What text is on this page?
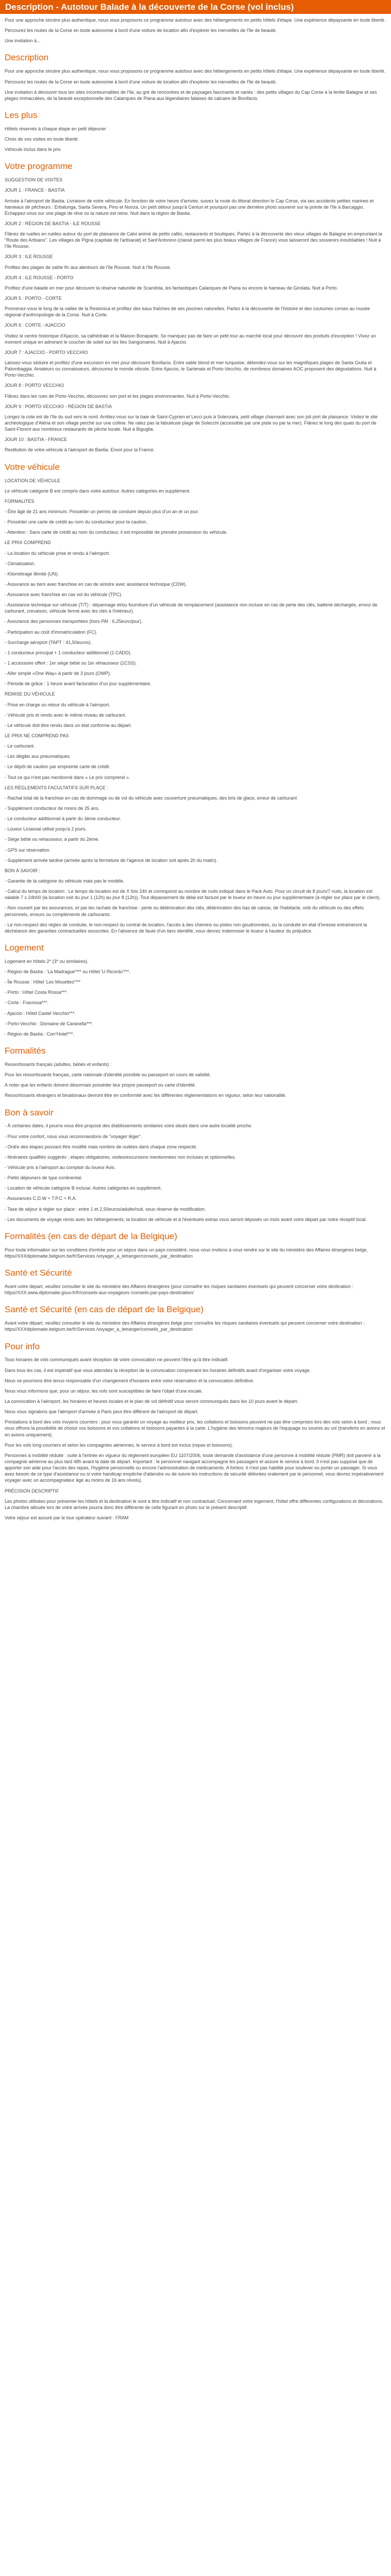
Description - Autotour Balade à la découverte de la Corse (vol inclus)

Pour une approche sincère plus authentique, nous vous proposons ce programme autotour avec des hébergements en petits hôtels d'étape. Une expérience dépaysante en toute liberté.

Percourez les routes de la Corse en toute autonomie à bord d'une voiture de location afin d'explorer les merveilles de l'île de beauté.

Une invitation à...

Description

Pour une approche sincère plus authentique, nous vous proposons ce programme autotour avec des hébergements en petits hôtels d'étape. Une expérience dépaysante en toute liberté.

Percourez les routes de la Corse en toute autonomie à bord d'une voiture de location afin d'explorer les merveilles de l'île de beauté.

Une invitation à découvrir tous les sites incontournables de l'île, au gré de rencontres et de paysages fascinants et variés : des petits villages du Cap Corse à la fertile Balagne et ses plages immaculées, de la beauté exceptionnelle des Calanques de Piana aux légendaires falaises de calcaire de Bonifacio.

Les plus

Hôtels réservés à chaque étape en petit déjeuner

Choix de vos visites en toute liberté

Véhicule inclus dans le prix

Votre programme

SUGGESTION DE VISITES

JOUR 1 : FRANCE - BASTIA

Arrivée à l'aéroport de Bastia. Livraison de votre véhicule. En fonction de votre heure d'arrivée, suivez la route du littoral direction le Cap Corse, via ses accidents petites marines et hameaux de pêcheurs : Erbalunga, Santa Severa, Pino et Nonza. Un petit détour jusqu'à Centuri et pourquoi pas une dernière photo souvenir sur la pointe de l'île à Barcaggio. Échappez-vous sur une plage de rêve où la nature est reine. Nuit dans la région de Bastia.

JOUR 2 : RÉGION DE BASTIA - ILE ROUSSE

Flânez de ruelles en ruelles autour du port de plaisance de Calvi animé de petits cafés, restaurants et boutiques. Partez à la découverte des vieux villages de Balagne en empruntant la "Route des Artisans". Les villages de Pigna (capitale de l'artisanat) et Sant'Antonino (classé parmi les plus beaux villages de France) vous laisseront des souvenirs inoubliables ! Nuit à l'île Rousse.

JOUR 3 : ILE ROUSSE

Profitez des plages de sable fin aux alentours de l'île Rousse. Nuit à l'île Rousse.

JOUR 4 : ILE ROUSSE - PORTO

Profitez d'une balade en mer pour découvrir la réserve naturelle de Scandola, les fantastiques Calanques de Piana ou encore le hameau de Girolata. Nuit à Porto.

JOUR 5 : PORTO - CORTE

Promenez-vous le long de la vallée de la Restonica et profitez des eaux fraîches de ses piscines naturelles. Partez à la découverte de l'histoire et des coutumes corses au musée régional d'anthropologie de la Corse. Nuit à Corte.

JOUR 6 : CORTE - AJACCIO

Visitez le centre historique d'Ajaccio, sa cathédrale et la Maison Bonaparte. Se manquez pas de faire un petit tour au marché local pour découvrir des produits d'exception ! Vivez un moment unique en admirant le coucher de soleil sur les îles Sanguinaires. Nuit à Ajaccio.

JOUR 7 : AJACCIO - PORTO VECCHIO

Laissez-vous séduire et profitez d'une excursion en mer pour découvrir Bonifacio. Entre sable blond et mer turquoise, détendez-vous sur les magnifiques plages de Santa Giulia et Palombaggia. Amateurs ou connaisseurs, découvrez le monde viticole. Entre Ajaccio, le Sartenais et Porto-Vecchio, de nombreux domaines AOC proposent des dégustations. Nuit à Porto-Vecchio.

JOUR 8 : PORTO VECCHIO

Flânez dans les rues de Porto-Vecchio, découvrez son port et les plages environnantes. Nuit à Porto-Vecchio.

JOUR 9 : PORTO VECCHIO - RÉGION DE BASTIA

Longez la cote est de l'île du sud vers le nord. Arrêtez-vous sur la baie de Saint-Cyprien et Lecci puis à Solenzara, petit village charmant avec son joli port de plaisance. Visitez le site archéologique d'Aléria et son village perché sur une colline. Ne ratez pas la fabuleuse plage de Solecchi (accessible par une piste ou par la mer). Flânez le long des quais du port de Saint-Florent aux nombreux restaurants de pêche locale. Nuit à Biguglia.

JOUR 10 : BASTIA - FRANCE

Restitution de votre véhicule à l'aéroport de Bastia. Envol pour la France.

Votre véhicule

LOCATION DE VÉHICULE

Le véhicule catégorie B est compris dans votre autotour. Autres catégories en supplément.

FORMALITÉS

- Être âgé de 21 ans minimum. Posséder un permis de conduire depuis plus d'un an et un jour.

- Posséder une carte de crédit au nom du conducteur pour la caution.

- Attention : Sans carte de crédit au nom du conducteur, il est impossible de prendre possession du véhicule.

LE PRIX COMPREND

- La location du véhicule prise et rendu à l'aéroport.

- Climatisation.

- Kilométrage illimité (UN).

- Assurance au tiers avec franchise en cas de sinistre avec assistance technique (CDW).

- Assurance avec franchise en cas vol du véhicule (TPC).

- Assistance technique sur véhicule (T/T) : dépannage et/ou fourniture d'un véhicule de remplacement (assistance non incluse en cas de perte des clés, batterie déchargée, erreur de carburant, crevaison, véhicule fermé avec les clés à l'intérieur).

- Assurance des personnes transportées (hors PAI : 6,25euro/jour).

- Participation au coût d'immatriculation (FC).

- Surcharge aéroport (TAPT : 41,50euros).

- 1 conducteur principal + 1 conducteur additionnel (1 CADD).

- 1 accessoire offert : 1er siège bébé ou 1er réhausseur (1CSS).

- Aller simple «One Way» à partir de 3 jours (OWP).

- Période de grâce : 1 heure avant facturation d'un jour supplémentaire.

REMISE DU VÉHICULE

- Prise en charge ou retour du véhicule à l'aéroport.

- Véhicule pris et rendu avec le même niveau de carburant.

- Le véhicule doit être rendu dans un état conforme au départ.

LE PRIX NE COMPREND PAS

- Le carburant.

- Les dégâts aux pneumatiques.

- Le dépôt de caution par empreinte carte de crédit.

- Tout ce qui n'est pas mentionné dans « Le prix comprend ».

LES RÈGLEMENTS FACULTATIFS SUR PLACE :

- Rachat total de la franchise en cas de dommage ou de vol du véhicule avec couverture pneumatiques, des bris de glace, erreur de carburant

- Supplément conducteur de moins de 25 ans.

- Le conducteur additionnel à partir du 3ème conducteur.

- Loueur Liciassai utilisé jusqu'à 2 jours.

- Siège bébé ou rehausseur, à partir du 2ème.

- GPS sur réservation.

- Supplément arrivée tardive (arrivée après la fermeture de l'agence de location soit après 2h du matin).

BON À SAVOIR :

- Garantie de la catégorie du véhicule mais pas le modèle.

- Calcul du temps de location : Le temps de location est de X fois 24h et correspond au nombre de nuits indiqué dans le Pack Auto. Pour un circuit de 8 jours/7 nuits, la location est valable 7 x 24h00 (la location voit du jour 1 (12h) au jour 8 (12h)). Tout dépassement de délai est facturé par le loueur en heure ou jour supplémentaire (à régler sur place par le client).

- Non couvert par les assurances, et par les rachats de franchise : perte ou détérioration des clés, détérioration des bas de caisse, de l'habitacle, vols du véhicule ou des effets personnels, erreurs ou compléments de carburants.

- Le non-respect des règles de conduite, le non-respect du contrat de location, l'accès à des chemins ou pistes non goudronnées, ou la conduite en état d'ivresse entraîneront la déchéance des garanties contractuelles souscrites. En l'absence de faute d'un tiers identifié, vous devrez indemniser le loueur à hauteur du préjudice.

Logement

Logement en hôtels 2* (3* ou similaires).

- Région de Bastia : 'La Madrague'*** ou Hôtel 'U Ricordu'***.

- Île Rousse : Hôtel 'Les Mouettes'***

- Porto : Hôtel Costa Rossa***.

- Corte : Fracossa***.

- Ajaccio : Hôtel Castel Vecchio***.

- Porto-Vecchio : Domaine de Caranella***.

- Région de Bastia : Corr'Hotel***.

Formalités

Ressortissants français (adultes, bébés et enfants) :

Pour les ressortissants français, carte nationale d'identité possible ou passeport en cours de validité.

A noter que les enfants doivent désormais posséder leur propre passeport ou carte d'identité.

Ressortissants étrangers et binationaux devront être en conformité avec les différentes réglementations en vigueur, selon leur nationalité.

Bon à savoir

- À certaines dates, il pourra vous être proposé des établissements similaires voire situés dans une autre localité proche.

- Pour votre confort, nous vous recommandons de "voyager léger".

- Ordre des étapes pouvant être modifié mais nombre de nuitées dans chaque zone respecté.

- Itinéraires qualifiés suggérés ; étapes obligatoires, visites/excursions mentionnées non incluses et optionnelles.

- Véhicule pris à l'aéroport au comptoir du loueur Avis.

- Petits déjeuners de type continental.

- Location de véhicule catégorie B incluse. Autres catégories en supplément.

- Assurances C.D.W + T.P.C + R.A.

- Taxe de séjour à régler sur place : entre 1 et 2,50euros/adulte/nuit, sous réserve de modification.

- Les documents de voyage remis avec les hébergements, la location de véhicule et à l'éventuels extras vous seront déposés un mois avant votre départ par notre réceptif local.

Formalités (en cas de départ de la Belgique)

Pour toute information sur les conditions d'entrée pour un séjour dans un pays considéré, nous vous invitons à vous rendre sur le site du ministère des Affaires étrangères belge, https//XXXdiplomatie.belgium.be/fr/Services /voyager_a_letranger/conseils_par_destination

Santé et Sécurité

Avant votre départ, veuillez consulter le site du ministère des Affaires étrangères (pour connaître les risques sanitaires éventuels qui peuvent concerner votre destination : https//XXX.www.diplomatie.gouv.fr/fr/conseils-aux-voyageurs /conseils-par-pays-destination/

Santé et Sécurité (en cas de départ de la Belgique)

Avant votre départ, veuillez consulter le site du ministère des Affaires étrangères belge pour connaître les risques sanitaires éventuels qui peuvent concerner votre destination : https//XXXdiplomatie.belgium.be/fr/Services /voyager_a_letranger/conseils_par_destination

Pour info

Tous horaires de vols communiqués avant réception de votre convocation ne peuvent l'être qu'à titre indicatif.

Dans tous les cas, il est impératif que vous attendiez la réception de la convocation comprenant les horaires définitifs avant d'organiser votre voyage.

Nous ne pourrions être tenus responsable d'un changement d'horaires entre votre réservation et la convocation définitive.

Nous vous informons que, pour un séjour, les vols sont susceptibles de faire l'objet d'une escale.

La convocation à l'aéroport, les horaires et heures locales et le plan de vol définitif vous seront communiqués dans les 10 jours avant le départ.

Nous vous signalons que l'aéroport d'arrivée à Paris peut être différent de l'aéroport de départ.

Prestations à bord des vols moyens courriers : pour vous garantir un voyage au meilleur prix, les collations et boissons peuvent ne pas être comprises lors des vols selon à bord ; nous vous offrons la possibilité de choisir vos boissons et vos collations et boissons payantes à la carte. L'hygiène des témoins majeurs de l'équipage ou soumis au vol (transferts en avions et en avions uniquement).

Pour les vols long-courriers et selon les compagnies aériennes, le service à bord est inclus (repas et boissons).

Personnes à mobilité réduite : suite à l'entrée en vigueur du règlement européen EU 1107/2006, toute demande d'assistance d'une personne à mobilité réduite (PMR) doit parvenir à la compagnie aérienne au plus tard 48h avant la date de départ. Important : le personnel navigant accompagne les passagers et assure le service à bord. Il n'est pas supposé que de apporter son aide pour l'accès des repas, l'hygiène personnelle ou encore l'administration de médicaments. A fortiori, il n'est pas habilité pour soulever ou porter un passager. Si vous avez besoin de ce type d'assistance ou si votre handicap empêche d'attendre ou de suivre les instructions de sécurité délivrées oralement par le personnel, vous devrez impérativement voyager avec un accompagnateur âgé au moins de 16 ans révolu).

PRÉCISION DESCRIPTIF

Les photos utilisées pour présenter les hôtels et la destination le sont à titre indicatif et non contractuel. Concernant votre logement, l'hôtel offre différentes configurations et décorations. La chambre allouée lors de votre arrivée pourra donc être différente de celle figurant en photo sur le présent descriptif.

Votre séjour est assuré par le tour opérateur suivant : FRAM
